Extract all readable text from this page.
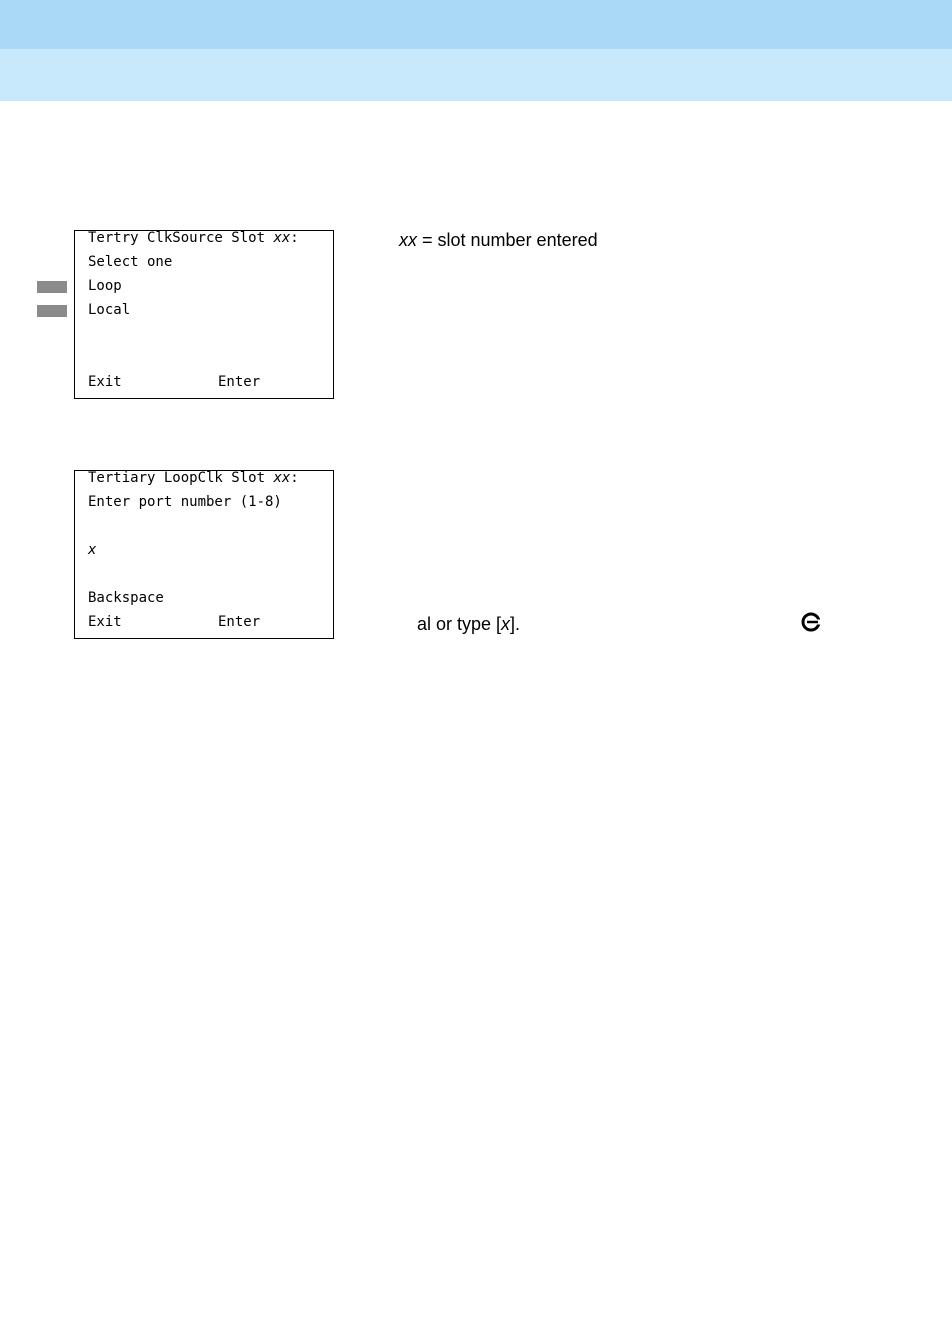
Tertry ClkSource Slot xx:
Select one
Loop
Local
Exit	Enter
Tertiary LoopClk Slot xx:
Enter port number (1-8)
x
Backspace
Exit	Enter
xx = slot number entered
al or type [x].
